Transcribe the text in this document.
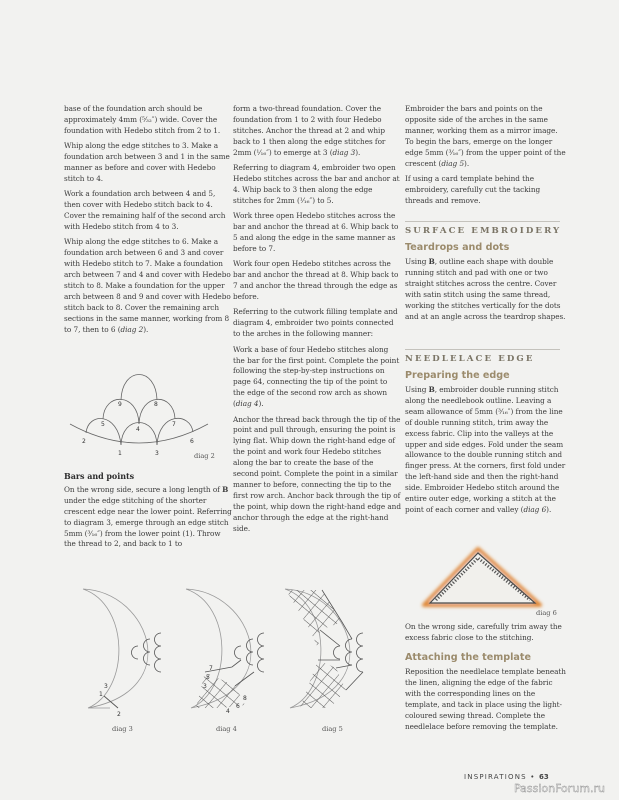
base of the foundation arch should be approximately 4mm (⁵⁄₃₂″) wide. Cover the foundation with Hedebo stitch from 2 to 1.

Whip along the edge stitches to 3. Make a foundation arch between 3 and 1 in the same manner as before and cover with Hedebo stitch to 4.

Work a foundation arch between 4 and 5, then cover with Hedebo stitch back to 4. Cover the remaining half of the second arch with Hedebo stitch from 4 to 3.

Whip along the edge stitches to 6. Make a foundation arch between 6 and 3 and cover with Hedebo stitch to 7. Make a foundation arch between 7 and 4 and cover with Hedebo stitch to 8. Make a foundation for the upper arch between 8 and 9 and cover with Hedebo stitch back to 8. Cover the remaining arch sections in the same manner, working from 8 to 7, then to 6 (diag 2).

1
2
3
4
5
6
7
8
9
diag 2
Bars and points

On the wrong side, secure a long length of B under the edge stitching of the shorter crescent edge near the lower point. Referring to diagram 3, emerge through an edge stitch 5mm (³⁄₁₆″) from the lower point (1). Throw the thread to 2, and back to 1 to

form a two-thread foundation. Cover the foundation from 1 to 2 with four Hedebo stitches. Anchor the thread at 2 and whip back to 1 then along the edge stitches for 2mm (¹⁄₁₆″) to emerge at 3 (diag 3).

Referring to diagram 4, embroider two open Hedebo stitches across the bar and anchor at 4. Whip back to 3 then along the edge stitches for 2mm (¹⁄₁₆″) to 5.

Work three open Hedebo stitches across the bar and anchor the thread at 6. Whip back to 5 and along the edge in the same manner as before to 7.

Work four open Hedebo stitches across the bar and anchor the thread at 8. Whip back to 7 and anchor the thread through the edge as before.

Referring to the cutwork filling template and diagram 4, embroider two points connected to the arches in the following manner:

Work a base of four Hedebo stitches along the bar for the first point. Complete the point following the step-by-step instructions on page 64, connecting the tip of the point to the edge of the second row arch as shown (diag 4).

Anchor the thread back through the tip of the point and pull through, ensuring the point is lying flat. Whip down the right-hand edge of the point and work four Hedebo stitches along the bar to create the base of the second point. Complete the point in a similar manner to before, connecting the tip to the first row arch. Anchor back through the tip of the point, whip down the right-hand edge and anchor through the edge at the right-hand side.

Embroider the bars and points on the opposite side of the arches in the same manner, working them as a mirror image. To begin the bars, emerge on the longer edge 5mm (³⁄₁₆″) from the upper point of the crescent (diag 5).

If using a card template behind the embroidery, carefully cut the tacking threads and remove.

SURFACE EMBROIDERY
Teardrops and dots

Using B, outline each shape with double running stitch and pad with one or two straight stitches across the centre. Cover with satin stitch using the same thread, working the stitches vertically for the dots and at an angle across the teardrop shapes.

NEEDLELACE EDGE
Preparing the edge

Using B, embroider double running stitch along the needlebook outline. Leaving a seam allowance of 5mm (³⁄₁₆″) from the line of double running stitch, trim away the excess fabric. Clip into the valleys at the upper and side edges. Fold under the seam allowance to the double running stitch and finger press. At the corners, first fold under the left-hand side and then the right-hand side. Embroider Hedebo stitch around the entire outer edge, working a stitch at the point of each corner and valley (diag 6).

diag 6

On the wrong side, carefully trim away the excess fabric close to the stitching.

Attaching the template

Reposition the needlelace template beneath the linen, aligning the edge of the fabric with the corresponding lines on the template, and tack in place using the light-coloured sewing thread. Complete the needlelace before removing the template.

1
2
3	3
4
5
6
7
8
diag 3	diag 4	diag 5
INSPIRATIONS • 63
PassionForum.ru
